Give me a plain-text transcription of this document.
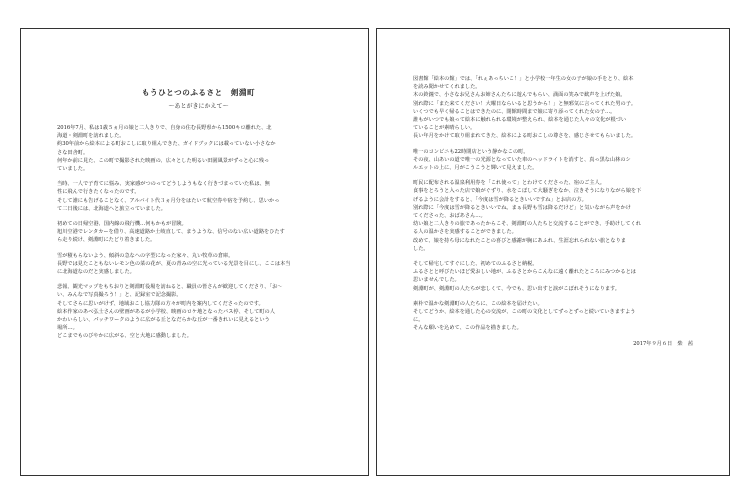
もうひとつのふるさと　剣淵町

〜あとがきにかえて〜

2016年7月、私は1歳５ヵ月の娘と二人きりで、自身の住む長野県から1500キロ離れた、北
海道・剣淵町を訪れました。
約30年前から絵本による町おこしに取り組んできた、ガイドブックには載っていない小さなか
さな田舎町。
何年か前に見た、この町で撮影された映画の、広々とした明るい田園風景がずっと心に残っ
ていました。
当時、一人で子育てに悩み、実家感がつのってどうしようもなく行きづまっていた私は、無
性に飛んで行きたくなったのです。
そして誰にも告げることなく、アルバイト代３ヵ月分をはたいて航空券や宿を予約し、思いかっ
て二日後には、北海道へと旅立っていました。
初めての日帰空港、国内線の飛行機…何もかもが冒険。
旭川空港でレンタカーを借り、高速道路か土岐直して、まうような、信号のない広い道路をひたす
ら走り続け、剣淵町にたどり着きました。
雪が積もらないよう、傾斜の急なへの字型になった家々、丸い牧草の倉庫。
長野では見たこともないレモン色の菜の花が、夏の青みの空に光っている光景を目にし、ここは本当
に北海道なのだと実感しました。
悲報、観光マップをもちおりと剣淵町役場を訪ねると、職員の皆さんが歓迎してくださり、「お〜
い、みんなで写真撮ろう！」と、記録室で記念撮影。
そしてさらに思いがけず、地域おこし協力隊の方々が町内を案内してくださったのです。
絵本作家のあべ弘士さんの壁画があるが小学校、映画のロケ地となったバス停、そして町の人
かわいらしい、パッチワークのように広がる丘となだらかな丘が一番きれいに見えるという
場所…。
どこまでものびやかに広がる、空と大地に感動しました。
図書館「絵本の館」では、「れぇあっちいこ！」と小学校一年生の女の子が娘の手をとり、絵本
を読み聞かせてくれました。
木の鈴鐘で、小さなお兄さんお姉さんたちに遊んでもらい、満面の笑みで歓声を上げた娘。
別れ際に「また来てください！大曜日ならいると思うから！」と無邪気に言ってくれた男の子。
いくつでも早く帰ることはできたのに、閉館時間まで娘に寄り添ってくれた女の子…。
誰もがいつでも娘って絵本に触れられる環境が整えられ、絵本を通じた人々の文化が根づい
ていることが素晴らしい。
長い年月をかけて取り組まれてきた、絵本による町おこしの尊さを、感じさせてもらいました。
唯一のコンビニも22時閉店という静かなこの町。
その夜、山あいの道で唯一の光源となっていた車のヘッドライトを消すと、真っ黒な山林のシ
ルエットの上に、月がこうこうと輝いて見えました。
町民に配布される温泉利用券を「これ使って」とわけてくださった、宿のご主人。
食事をとろうと入った店で娘がぐずり、水をこぼして大騒ぎをなか、泣きそうになりながら娘を下
げるように会計をすると、「今度は雪が降るときいいですね」とお店の方。
別れ際に「今度は雪が降るときいいでね。まぁ長野も雪は降るだけど」と気いながら声をかけ
てくださった、おばあさん…。
幼い娘と二人きりの旅であったからこそ、剣淵町の人たちと交流することができ、手助けしてくれ
る人の温かさを実感することができました。
改めて、娘を持ち母になれたことの喜びと感謝が胸にあふれ、生涯忘れられない旅となりま
した。
そして帰宅してすぐにした、初めてのふるさと納税。
ふるさとと呼びたいほど愛おしい地が、ふるさとからこんなに遠く離れたところにみつかるとは
思いませんでした。
剣淵町が、剣淵町の人たちが恋しくて、今でも、思い出すと涙がこぼれそうになります。
素朴で温かな剣淵町の人たちに、この絵本を届けたい。
そしてどうか、絵本を通した心の交流が、この町の文化としてずっとずっと続いていきますよう
に。
そんな願いを込めて、この作品を描きました。
2017年９月６日　柴　茜
